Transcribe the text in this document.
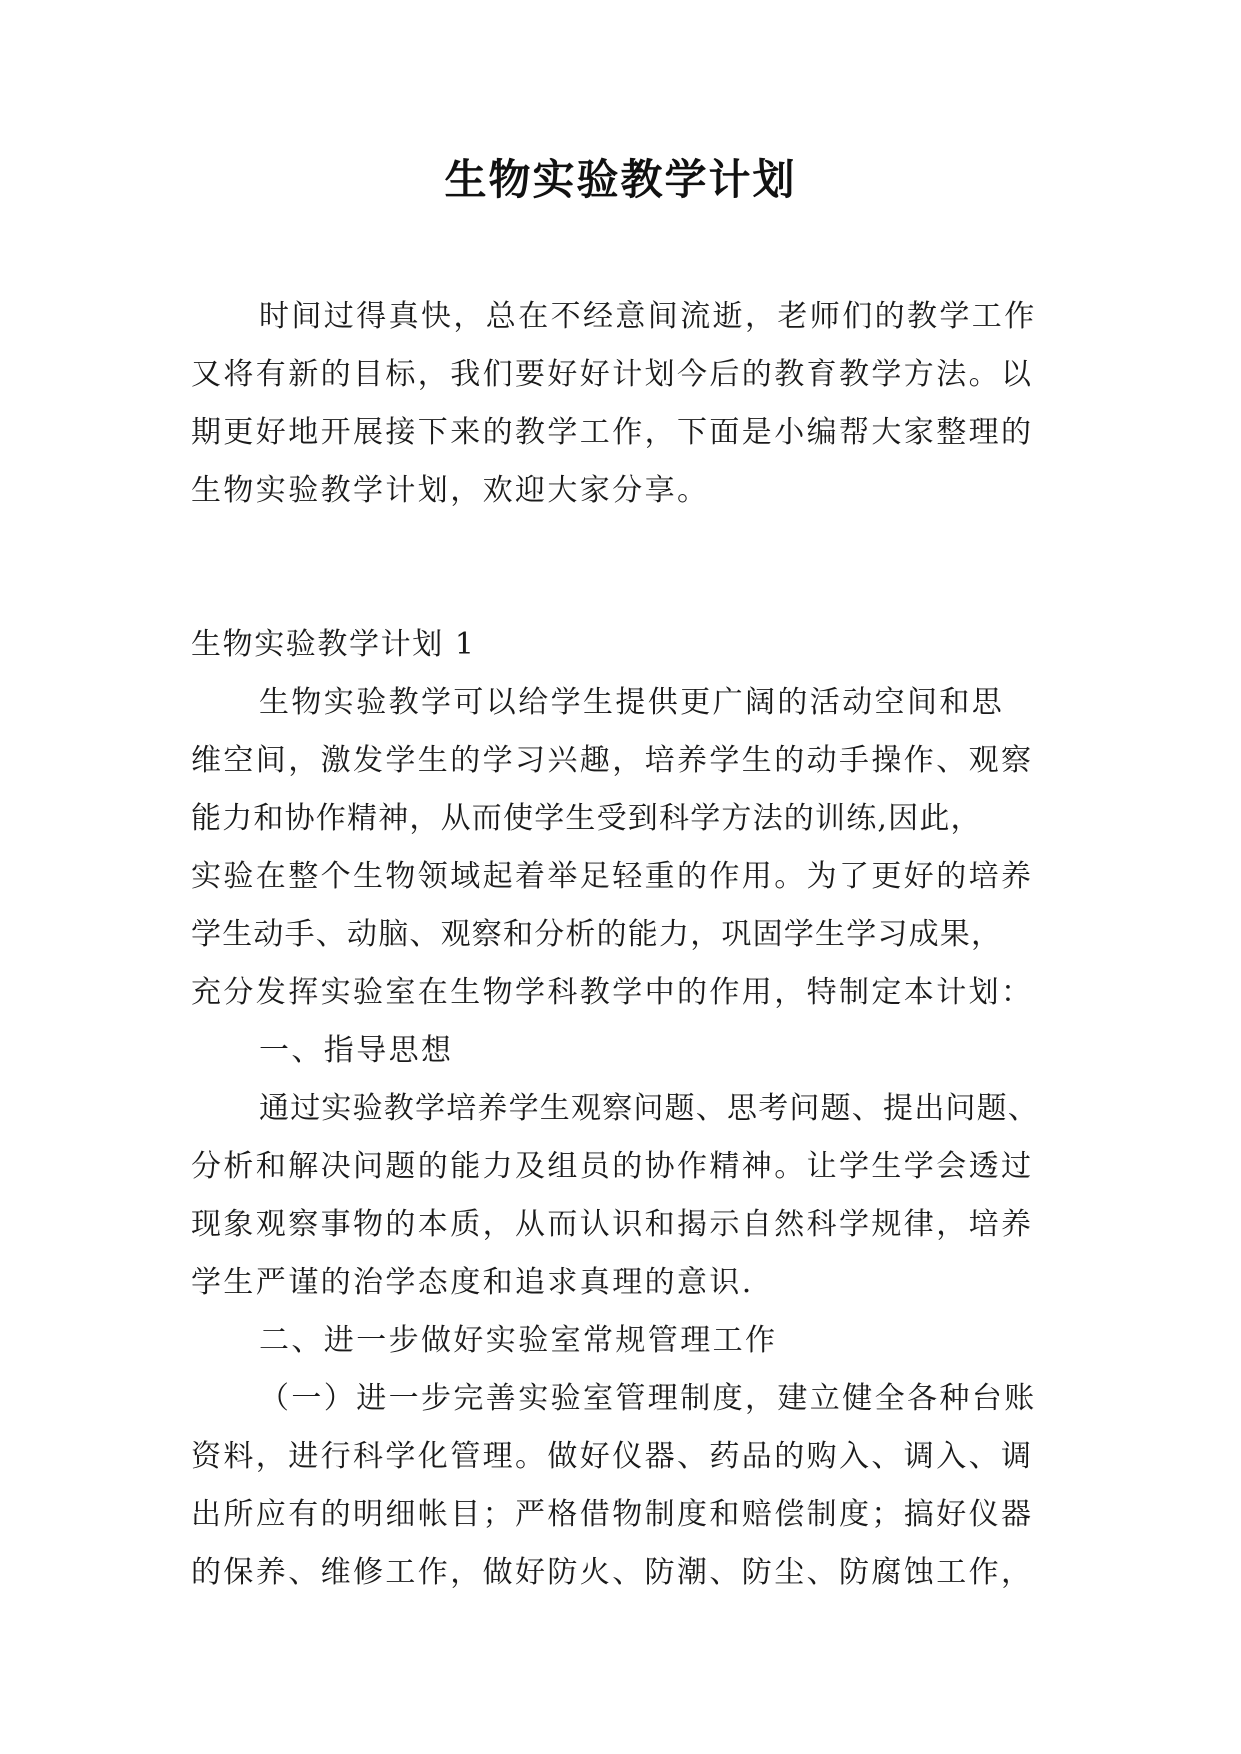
生物实验教学计划

时间过得真快，总在不经意间流逝，老师们的教学工作

又将有新的目标，我们要好好计划今后的教育教学方法。以

期更好地开展接下来的教学工作，下面是小编帮大家整理的

生物实验教学计划，欢迎大家分享。

生物实验教学计划 1

生物实验教学可以给学生提供更广阔的活动空间和思

维空间，激发学生的学习兴趣，培养学生的动手操作、观察

能力和协作精神，从而使学生受到科学方法的训练,因此，

实验在整个生物领域起着举足轻重的作用。为了更好的培养

学生动手、动脑、观察和分析的能力，巩固学生学习成果，

充分发挥实验室在生物学科教学中的作用，特制定本计划：

一、指导思想

通过实验教学培养学生观察问题、思考问题、提出问题、

分析和解决问题的能力及组员的协作精神。让学生学会透过

现象观察事物的本质，从而认识和揭示自然科学规律，培养

学生严谨的治学态度和追求真理的意识.

二、进一步做好实验室常规管理工作

（一）进一步完善实验室管理制度，建立健全各种台账

资料，进行科学化管理。做好仪器、药品的购入、调入、调

出所应有的明细帐目；严格借物制度和赔偿制度；搞好仪器

的保养、维修工作，做好防火、防潮、防尘、防腐蚀工作，
